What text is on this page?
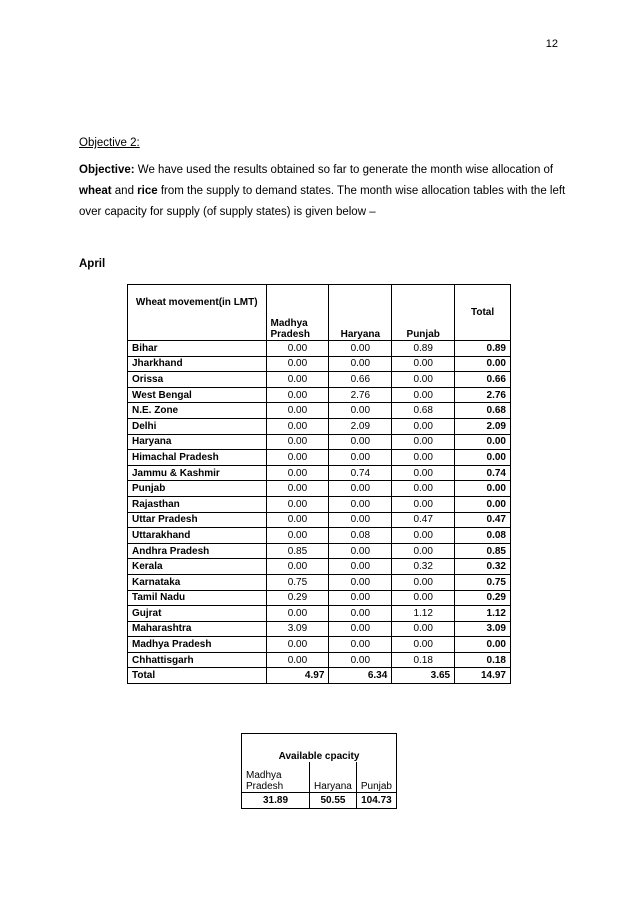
12
Objective 2:
Objective: We have used the results obtained so far to generate the month wise allocation of wheat and rice from the supply to demand states. The month wise allocation tables with the left over capacity for supply (of supply states) is given below –
April
Wheat movement(in LMT)	Madhya Pradesh	Haryana	Punjab	Total
Bihar	0.00	0.00	0.89	0.89
Jharkhand	0.00	0.00	0.00	0.00
Orissa	0.00	0.66	0.00	0.66
West Bengal	0.00	2.76	0.00	2.76
N.E. Zone	0.00	0.00	0.68	0.68
Delhi	0.00	2.09	0.00	2.09
Haryana	0.00	0.00	0.00	0.00
Himachal Pradesh	0.00	0.00	0.00	0.00
Jammu & Kashmir	0.00	0.74	0.00	0.74
Punjab	0.00	0.00	0.00	0.00
Rajasthan	0.00	0.00	0.00	0.00
Uttar Pradesh	0.00	0.00	0.47	0.47
Uttarakhand	0.00	0.08	0.00	0.08
Andhra Pradesh	0.85	0.00	0.00	0.85
Kerala	0.00	0.00	0.32	0.32
Karnataka	0.75	0.00	0.00	0.75
Tamil Nadu	0.29	0.00	0.00	0.29
Gujrat	0.00	0.00	1.12	1.12
Maharashtra	3.09	0.00	0.00	3.09
Madhya Pradesh	0.00	0.00	0.00	0.00
Chhattisgarh	0.00	0.00	0.18	0.18
Total	4.97	6.34	3.65	14.97
Available cpacity		
Madhya Pradesh	Haryana	Punjab
31.89	50.55	104.73
